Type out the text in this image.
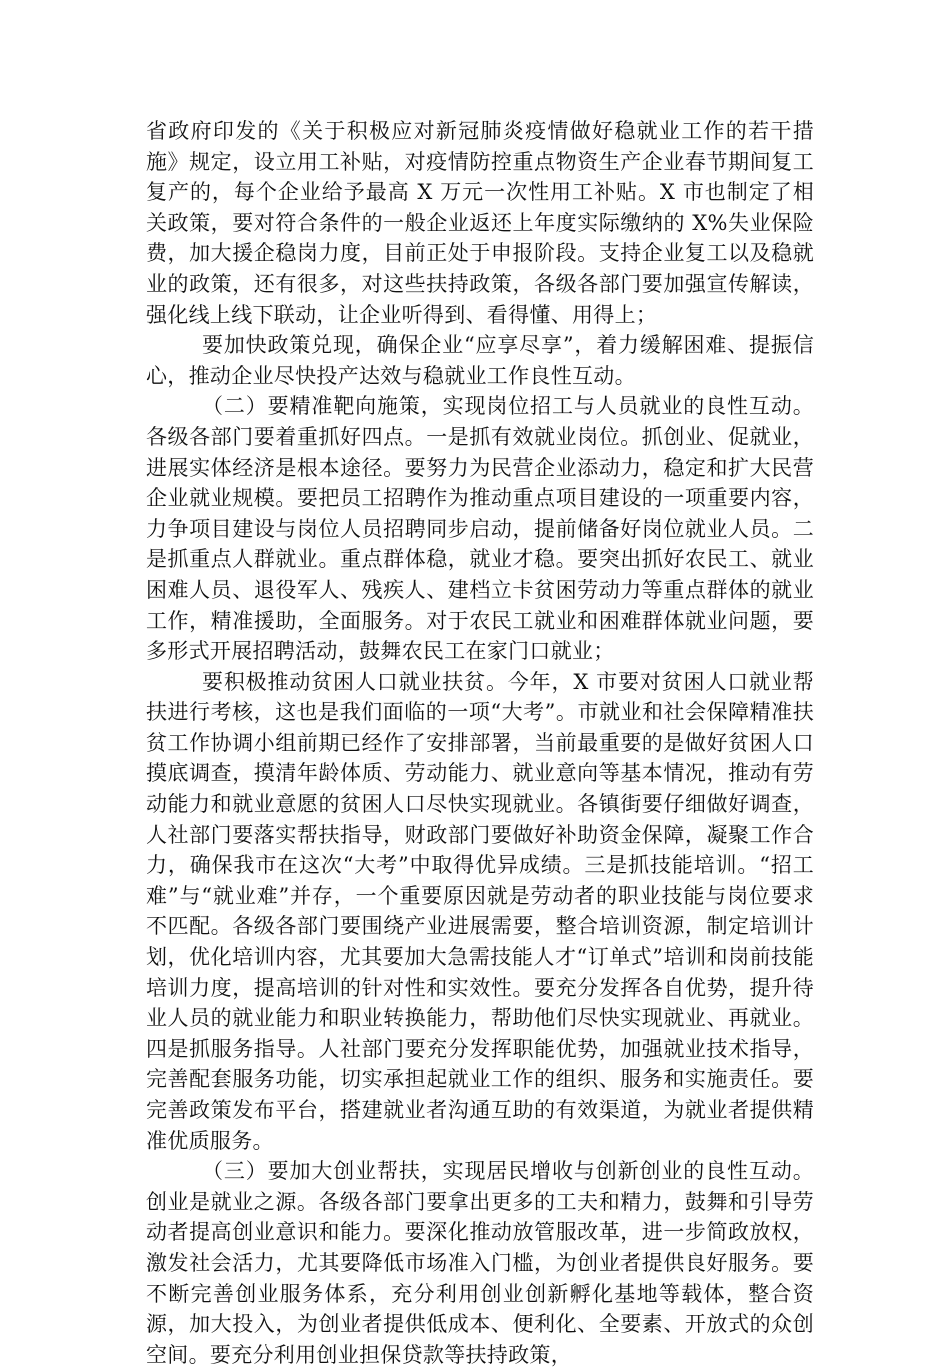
省政府印发的《关于积极应对新冠肺炎疫情做好稳就业工作的若干措施》规定，设立用工补贴，对疫情防控重点物资生产企业春节期间复工复产的，每个企业给予最高 X 万元一次性用工补贴。X 市也制定了相关政策，要对符合条件的一般企业返还上年度实际缴纳的 X%失业保险费，加大援企稳岗力度，目前正处于申报阶段。支持企业复工以及稳就业的政策，还有很多，对这些扶持政策，各级各部门要加强宣传解读，强化线上线下联动，让企业听得到、看得懂、用得上；

要加快政策兑现，确保企业“应享尽享”，着力缓解困难、提振信心，推动企业尽快投产达效与稳就业工作良性互动。

（二）要精准靶向施策，实现岗位招工与人员就业的良性互动。各级各部门要着重抓好四点。一是抓有效就业岗位。抓创业、促就业，进展实体经济是根本途径。要努力为民营企业添动力，稳定和扩大民营企业就业规模。要把员工招聘作为推动重点项目建设的一项重要内容，力争项目建设与岗位人员招聘同步启动，提前储备好岗位就业人员。二是抓重点人群就业。重点群体稳，就业才稳。要突出抓好农民工、就业困难人员、退役军人、残疾人、建档立卡贫困劳动力等重点群体的就业工作，精准援助，全面服务。对于农民工就业和困难群体就业问题，要多形式开展招聘活动，鼓舞农民工在家门口就业；

要积极推动贫困人口就业扶贫。今年，X 市要对贫困人口就业帮扶进行考核，这也是我们面临的一项“大考”。市就业和社会保障精准扶贫工作协调小组前期已经作了安排部署，当前最重要的是做好贫困人口摸底调查，摸清年龄体质、劳动能力、就业意向等基本情况，推动有劳动能力和就业意愿的贫困人口尽快实现就业。各镇街要仔细做好调查，人社部门要落实帮扶指导，财政部门要做好补助资金保障，凝聚工作合力，确保我市在这次“大考”中取得优异成绩。三是抓技能培训。“招工难”与“就业难”并存，一个重要原因就是劳动者的职业技能与岗位要求不匹配。各级各部门要围绕产业进展需要，整合培训资源，制定培训计划，优化培训内容，尤其要加大急需技能人才“订单式”培训和岗前技能培训力度，提高培训的针对性和实效性。要充分发挥各自优势，提升待业人员的就业能力和职业转换能力，帮助他们尽快实现就业、再就业。四是抓服务指导。人社部门要充分发挥职能优势，加强就业技术指导，完善配套服务功能，切实承担起就业工作的组织、服务和实施责任。要完善政策发布平台，搭建就业者沟通互助的有效渠道，为就业者提供精准优质服务。

（三）要加大创业帮扶，实现居民增收与创新创业的良性互动。创业是就业之源。各级各部门要拿出更多的工夫和精力，鼓舞和引导劳动者提高创业意识和能力。要深化推动放管服改革，进一步简政放权，激发社会活力，尤其要降低市场准入门槛，为创业者提供良好服务。要不断完善创业服务体系，充分利用创业创新孵化基地等载体，整合资源，加大投入，为创业者提供低成本、便利化、全要素、开放式的众创空间。要充分利用创业担保贷款等扶持政策，
